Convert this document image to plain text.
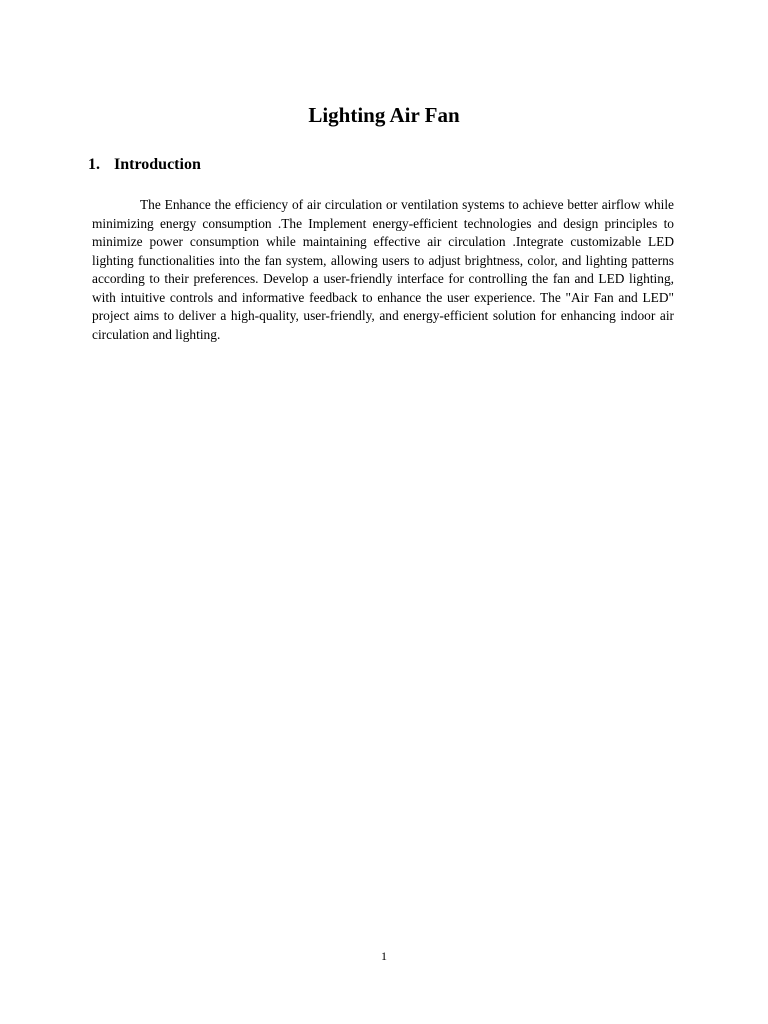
Lighting Air Fan
1. Introduction

The Enhance the efficiency of air circulation or ventilation systems to achieve better airflow while minimizing energy consumption .The Implement energy-efficient technologies and design principles to minimize power consumption while maintaining effective air circulation .Integrate customizable LED lighting functionalities into the fan system, allowing users to adjust brightness, color, and lighting patterns according to their preferences. Develop a user-friendly interface for controlling the fan and LED lighting, with intuitive controls and informative feedback to enhance the user experience. The "Air Fan and LED" project aims to deliver a high-quality, user-friendly, and energy-efficient solution for enhancing indoor air circulation and lighting.

1
